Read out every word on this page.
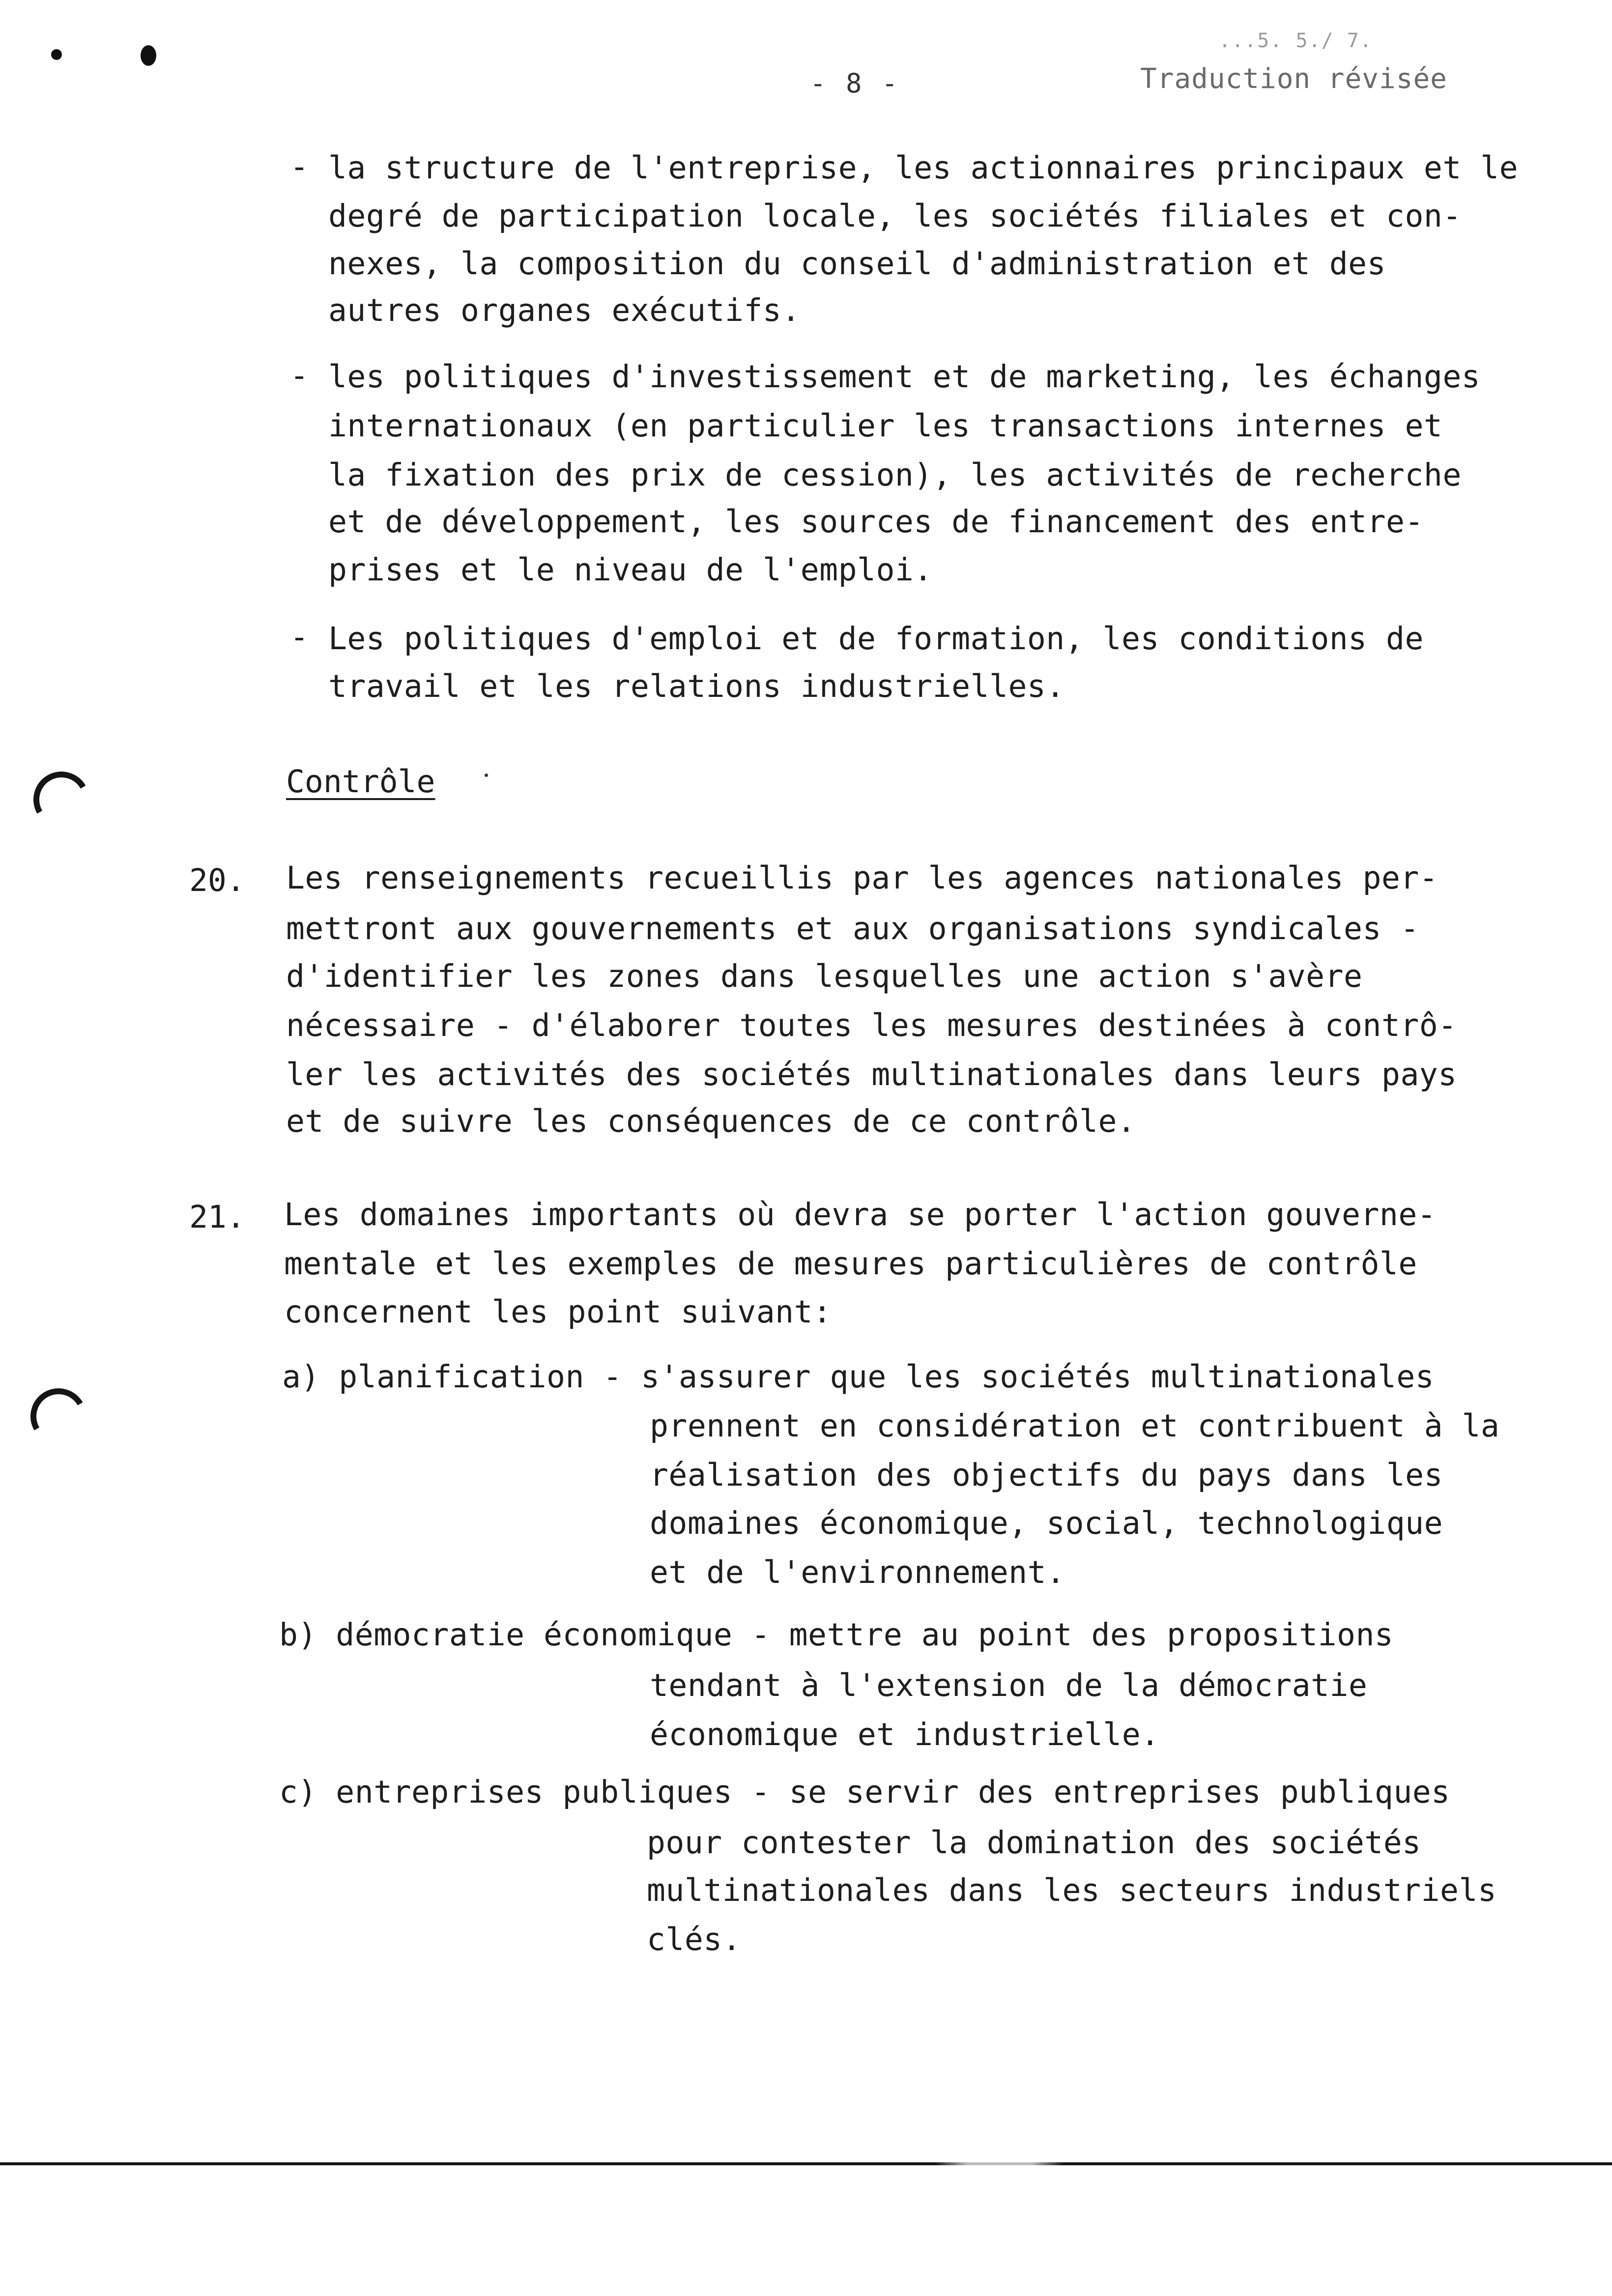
...5. 5./ 7.
- 8 -	Traduction révisée
- la structure de l'entreprise, les actionnaires principaux et le
degré de participation locale, les sociétés filiales et con-
nexes, la composition du conseil d'administration et des
autres organes exécutifs.
- les politiques d'investissement et de marketing, les échanges
internationaux (en particulier les transactions internes et
la fixation des prix de cession), les activités de recherche
et de développement, les sources de financement des entre-
prises et le niveau de l'emploi.
- Les politiques d'emploi et de formation, les conditions de
travail et les relations industrielles.
Contrôle
20. Les renseignements recueillis par les agences nationales per-
mettront aux gouvernements et aux organisations syndicales -
d'identifier les zones dans lesquelles une action s'avère
nécessaire - d'élaborer toutes les mesures destinées à contrô-
ler les activités des sociétés multinationales dans leurs pays
et de suivre les conséquences de ce contrôle.
21. Les domaines importants où devra se porter l'action gouverne-
mentale et les exemples de mesures particulières de contrôle
concernent les point suivant:
a) planification - s'assurer que les sociétés multinationales
prennent en considération et contribuent à la
réalisation des objectifs du pays dans les
domaines économique, social, technologique
et de l'environnement.
b) démocratie économique - mettre au point des propositions
tendant à l'extension de la démocratie
économique et industrielle.
c) entreprises publiques - se servir des entreprises publiques
pour contester la domination des sociétés
multinationales dans les secteurs industriels
clés.
